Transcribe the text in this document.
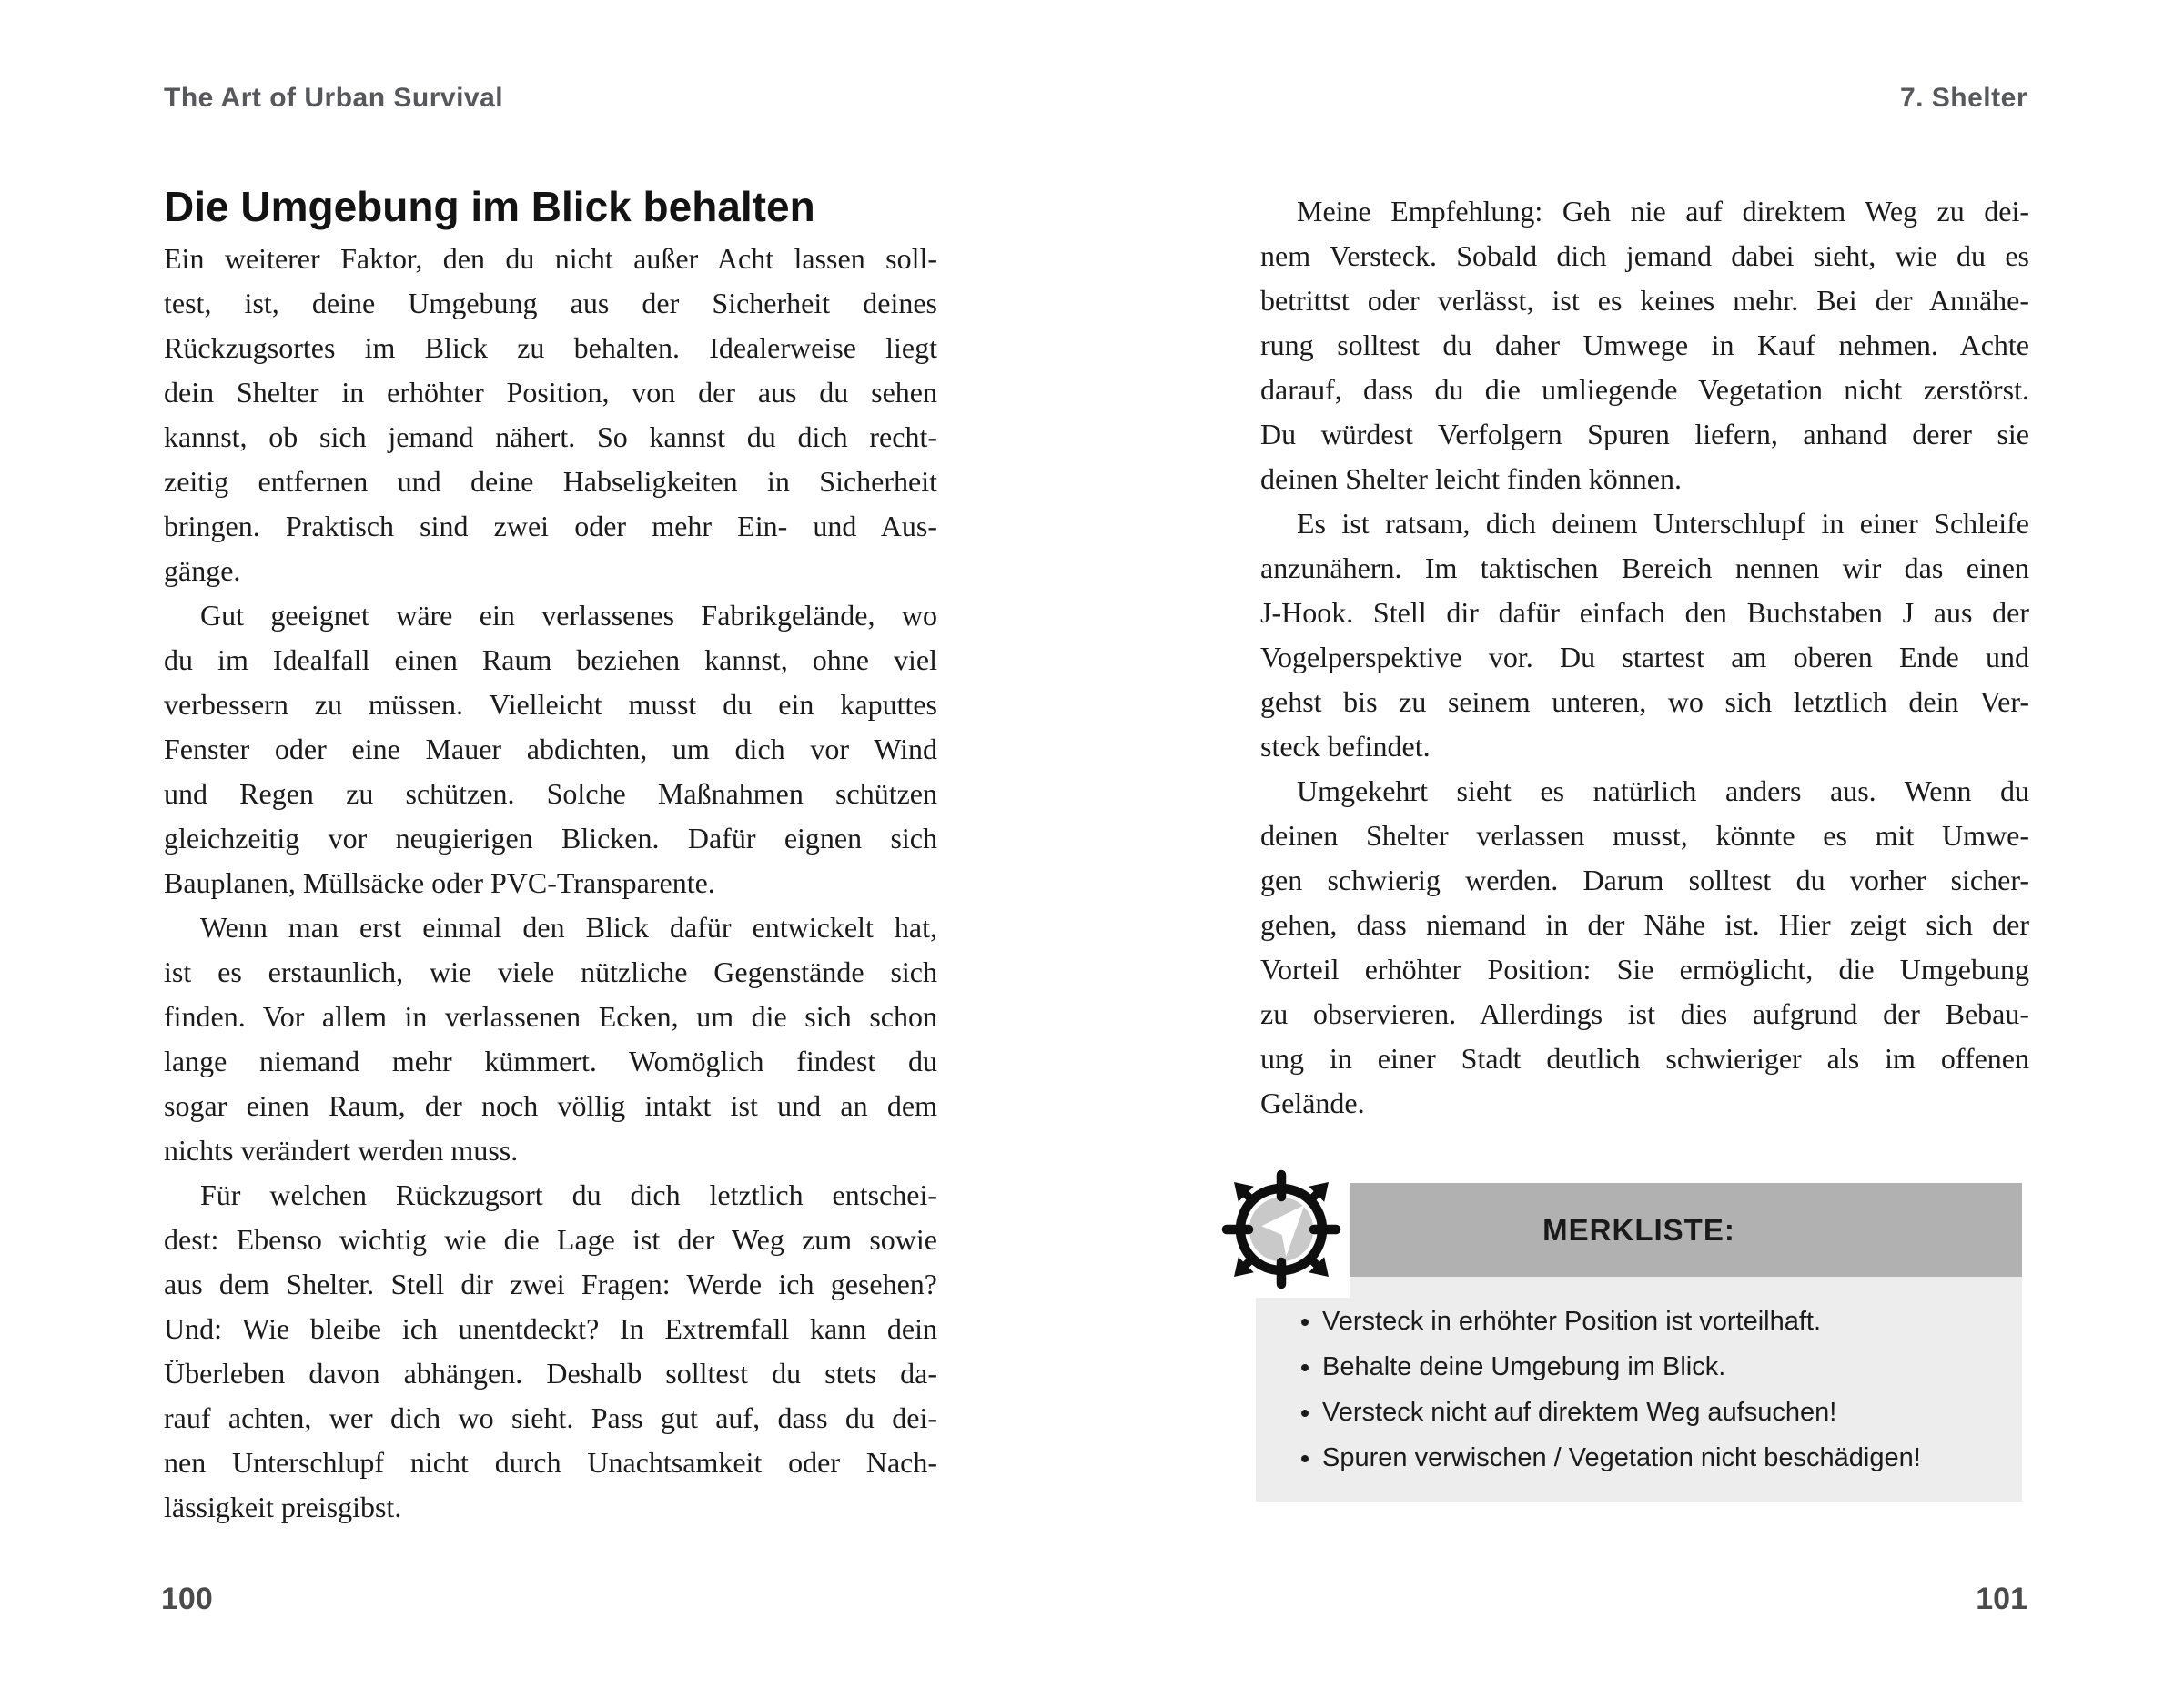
The Art of Urban Survival	7. Shelter
Die Umgebung im Blick behalten
Ein weiterer Faktor, den du nicht außer Acht lassen soll-
test, ist, deine Umgebung aus der Sicherheit deines
Rückzugsortes im Blick zu behalten. Idealerweise liegt
dein Shelter in erhöhter Position, von der aus du sehen
kannst, ob sich jemand nähert. So kannst du dich recht-
zeitig entfernen und deine Habseligkeiten in Sicherheit
bringen. Praktisch sind zwei oder mehr Ein- und Aus-
gänge.
Gut geeignet wäre ein verlassenes Fabrikgelände, wo
du im Idealfall einen Raum beziehen kannst, ohne viel
verbessern zu müssen. Vielleicht musst du ein kaputtes
Fenster oder eine Mauer abdichten, um dich vor Wind
und Regen zu schützen. Solche Maßnahmen schützen
gleichzeitig vor neugierigen Blicken. Dafür eignen sich
Bauplanen, Müllsäcke oder PVC-Transparente.
Wenn man erst einmal den Blick dafür entwickelt hat,
ist es erstaunlich, wie viele nützliche Gegenstände sich
finden. Vor allem in verlassenen Ecken, um die sich schon
lange niemand mehr kümmert. Womöglich findest du
sogar einen Raum, der noch völlig intakt ist und an dem
nichts verändert werden muss.
Für welchen Rückzugsort du dich letztlich entschei-
dest: Ebenso wichtig wie die Lage ist der Weg zum sowie
aus dem Shelter. Stell dir zwei Fragen: Werde ich gesehen?
Und: Wie bleibe ich unentdeckt? In Extremfall kann dein
Überleben davon abhängen. Deshalb solltest du stets da-
rauf achten, wer dich wo sieht. Pass gut auf, dass du dei-
nen Unterschlupf nicht durch Unachtsamkeit oder Nach-
lässigkeit preisgibst.
Meine Empfehlung: Geh nie auf direktem Weg zu dei-
nem Versteck. Sobald dich jemand dabei sieht, wie du es
betrittst oder verlässt, ist es keines mehr. Bei der Annähe-
rung solltest du daher Umwege in Kauf nehmen. Achte
darauf, dass du die umliegende Vegetation nicht zerstörst.
Du würdest Verfolgern Spuren liefern, anhand derer sie
deinen Shelter leicht finden können.
Es ist ratsam, dich deinem Unterschlupf in einer Schleife
anzunähern. Im taktischen Bereich nennen wir das einen
J-Hook. Stell dir dafür einfach den Buchstaben J aus der
Vogelperspektive vor. Du startest am oberen Ende und
gehst bis zu seinem unteren, wo sich letztlich dein Ver-
steck befindet.
Umgekehrt sieht es natürlich anders aus. Wenn du
deinen Shelter verlassen musst, könnte es mit Umwe-
gen schwierig werden. Darum solltest du vorher sicher-
gehen, dass niemand in der Nähe ist. Hier zeigt sich der
Vorteil erhöhter Position: Sie ermöglicht, die Umgebung
zu observieren. Allerdings ist dies aufgrund der Bebau-
ung in einer Stadt deutlich schwieriger als im offenen
Gelände.
MERKLISTE:
• Versteck in erhöhter Position ist vorteilhaft.
• Behalte deine Umgebung im Blick.
• Versteck nicht auf direktem Weg aufsuchen!
• Spuren verwischen / Vegetation nicht beschädigen!
100	101
